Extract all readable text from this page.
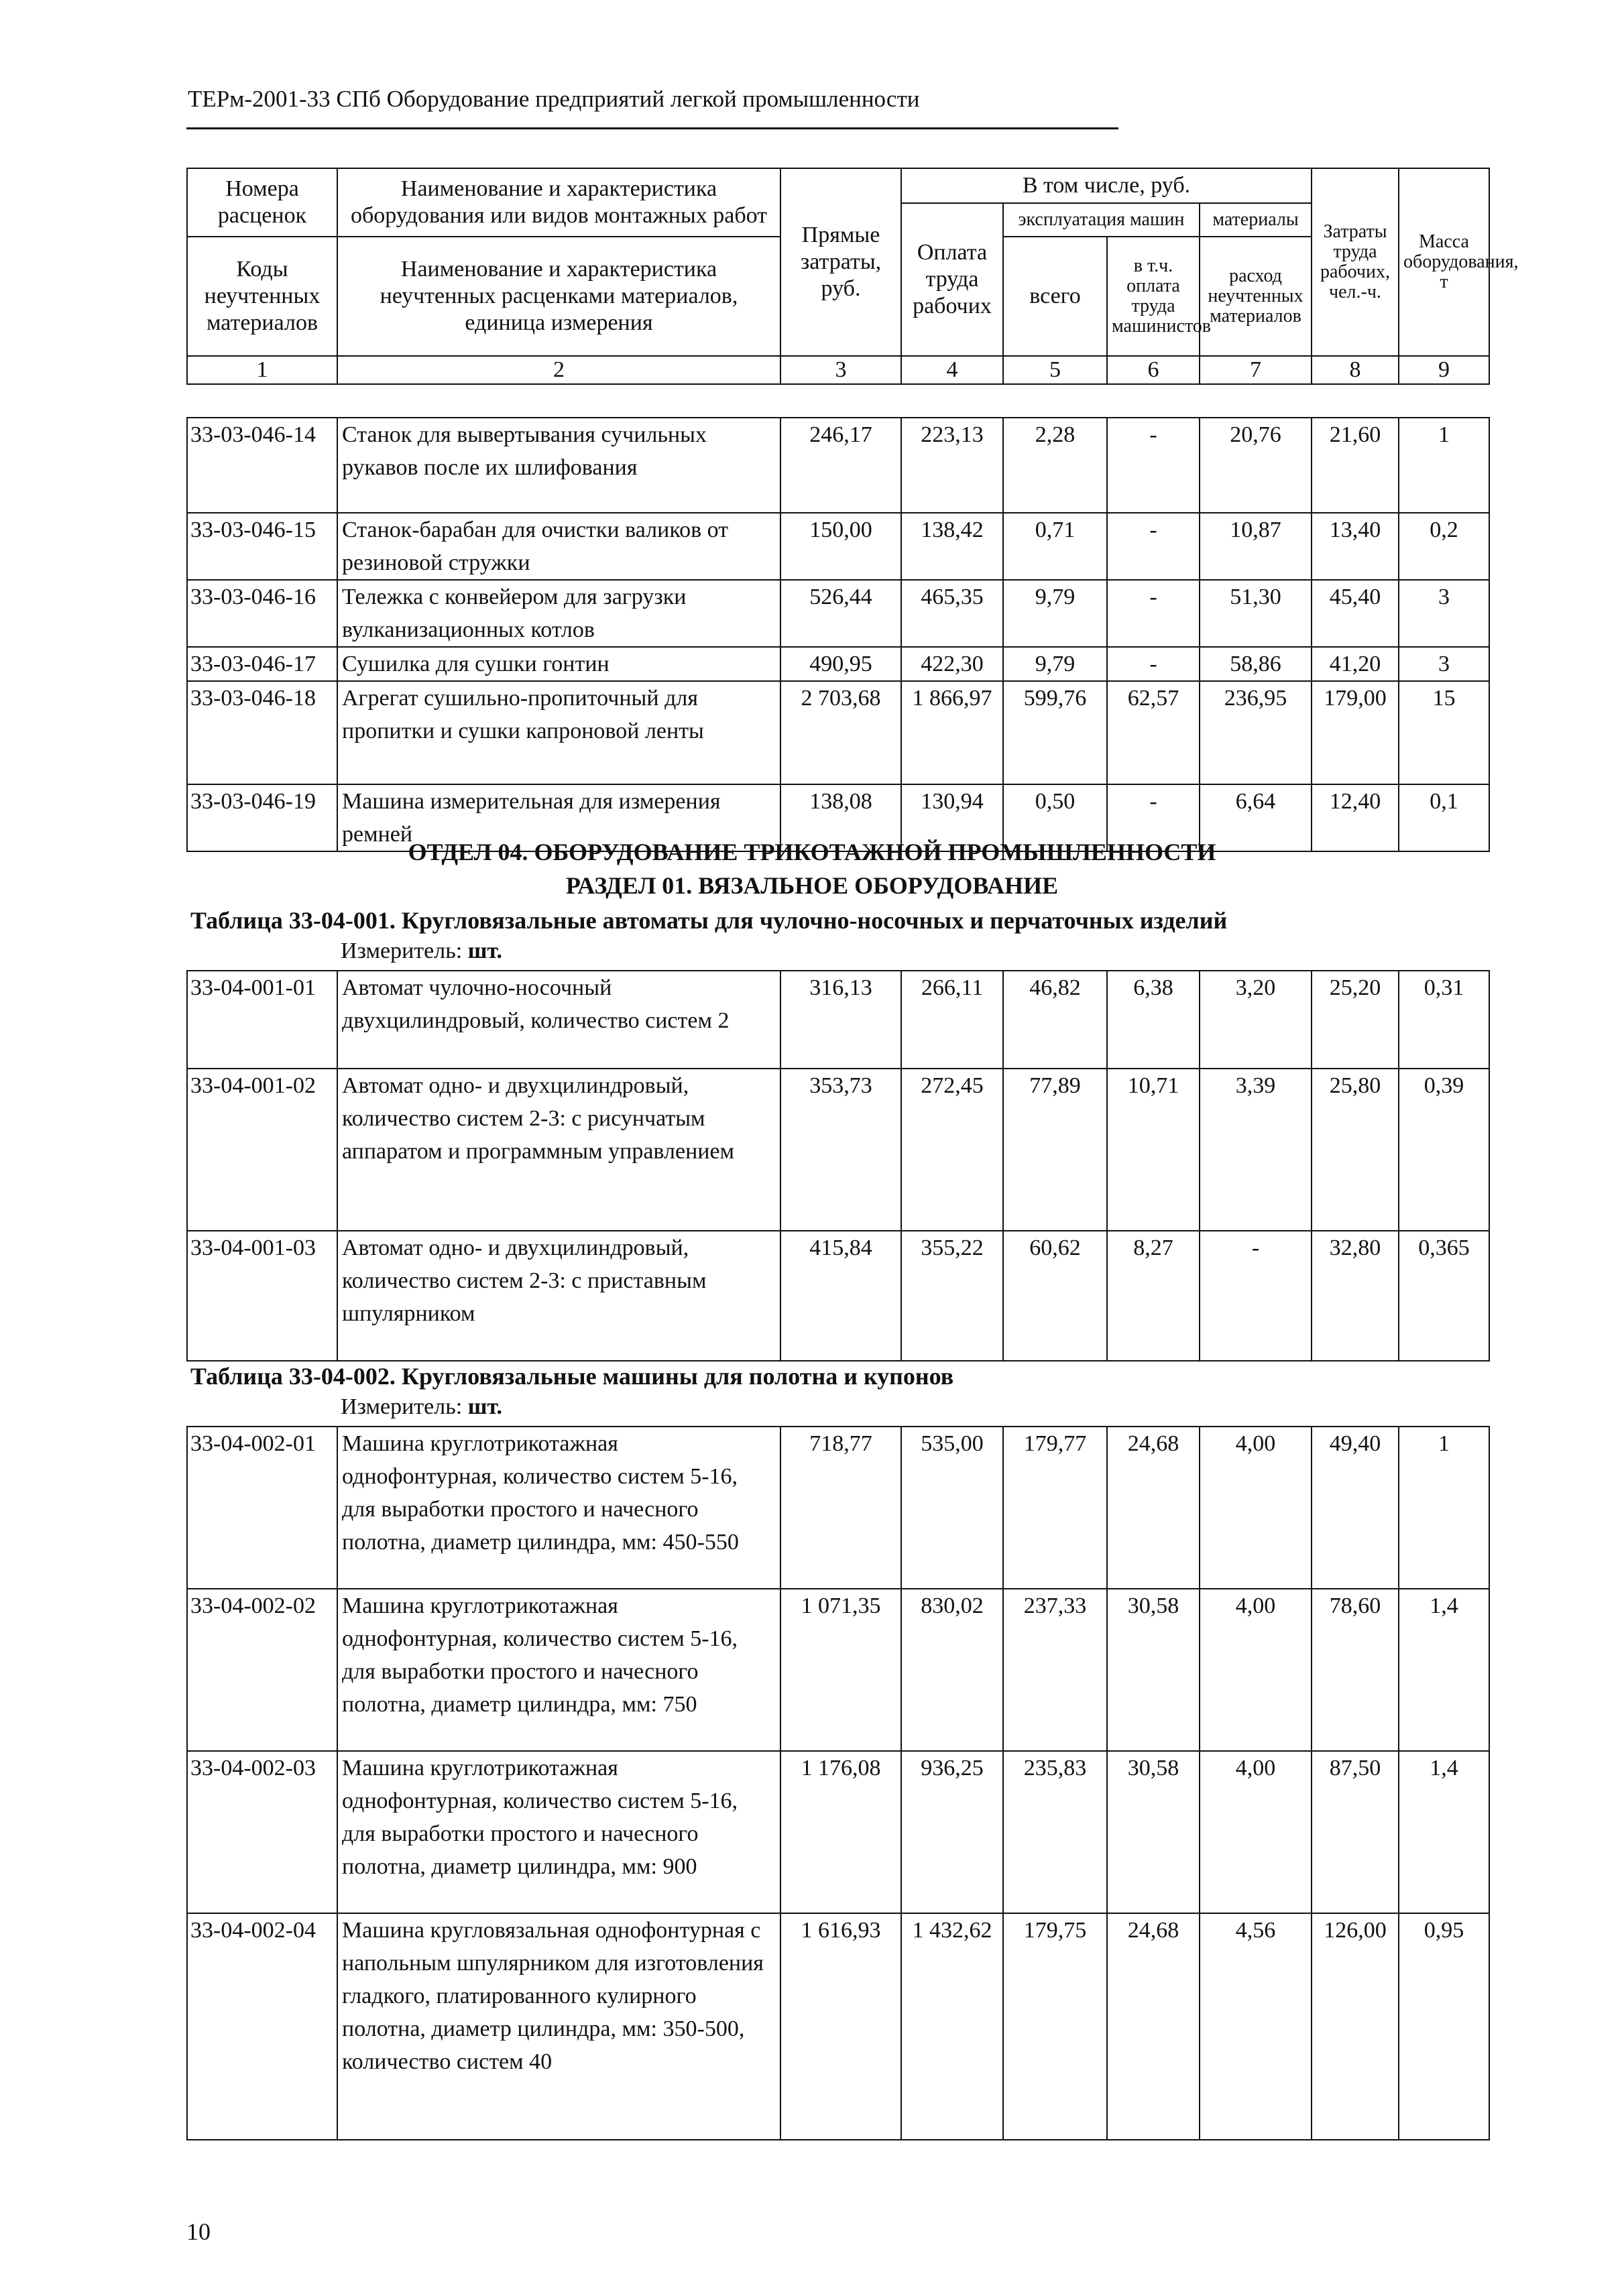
ТЕРм-2001-33 СПб Оборудование предприятий легкой промышленности
Номера расценок	Наименование и характеристика оборудования или видов монтажных работ	Прямые затраты, руб.	В том числе, руб.				Затраты труда рабочих, чел.-ч.	Масса оборудования, т
			Оплата труда рабочих	эксплуатация машин		материалы		
Коды неучтенных материалов	Наименование и характеристика неучтенных расценками материалов, единица измерения			всего	в т.ч. оплата труда машинистов	расход неучтенных материалов		
1	2	3	4	5	6	7	8	9
33-03-046-14	Станок для вывертывания сучильных рукавов после их шлифования	246,17	223,13	2,28	-	20,76	21,60	1
33-03-046-15	Станок-барабан для очистки валиков от резиновой стружки	150,00	138,42	0,71	-	10,87	13,40	0,2
33-03-046-16	Тележка с конвейером для загрузки вулканизационных котлов	526,44	465,35	9,79	-	51,30	45,40	3
33-03-046-17	Сушилка для сушки гонтин	490,95	422,30	9,79	-	58,86	41,20	3
33-03-046-18	Агрегат сушильно-пропиточный для пропитки и сушки капроновой ленты	2 703,68	1 866,97	599,76	62,57	236,95	179,00	15
33-03-046-19	Машина измерительная для измерения ремней	138,08	130,94	0,50	-	6,64	12,40	0,1
ОТДЕЛ 04. ОБОРУДОВАНИЕ ТРИКОТАЖНОЙ ПРОМЫШЛЕННОСТИ
РАЗДЕЛ 01. ВЯЗАЛЬНОЕ ОБОРУДОВАНИЕ
Таблица 33-04-001. Кругловязальные автоматы для чулочно-носочных и перчаточных изделий
Измеритель: шт.
33-04-001-01	Автомат чулочно-носочный двухцилиндровый, количество систем 2	316,13	266,11	46,82	6,38	3,20	25,20	0,31
33-04-001-02	Автомат одно- и двухцилиндровый, количество систем 2-3: с рисунчатым аппаратом и программным управлением	353,73	272,45	77,89	10,71	3,39	25,80	0,39
33-04-001-03	Автомат одно- и двухцилиндровый, количество систем 2-3: с приставным шпулярником	415,84	355,22	60,62	8,27	-	32,80	0,365
Таблица 33-04-002. Кругловязальные машины для полотна и купонов
Измеритель: шт.
33-04-002-01	Машина круглотрикотажная однофонтурная, количество систем 5-16, для выработки простого и начесного полотна, диаметр цилиндра, мм: 450-550	718,77	535,00	179,77	24,68	4,00	49,40	1
33-04-002-02	Машина круглотрикотажная однофонтурная, количество систем 5-16, для выработки простого и начесного полотна, диаметр цилиндра, мм: 750	1 071,35	830,02	237,33	30,58	4,00	78,60	1,4
33-04-002-03	Машина круглотрикотажная однофонтурная, количество систем 5-16, для выработки простого и начесного полотна, диаметр цилиндра, мм: 900	1 176,08	936,25	235,83	30,58	4,00	87,50	1,4
33-04-002-04	Машина кругловязальная однофонтурная с напольным шпулярником для изготовления гладкого, платированного кулирного полотна, диаметр цилиндра, мм: 350-500, количество систем 40	1 616,93	1 432,62	179,75	24,68	4,56	126,00	0,95
10
